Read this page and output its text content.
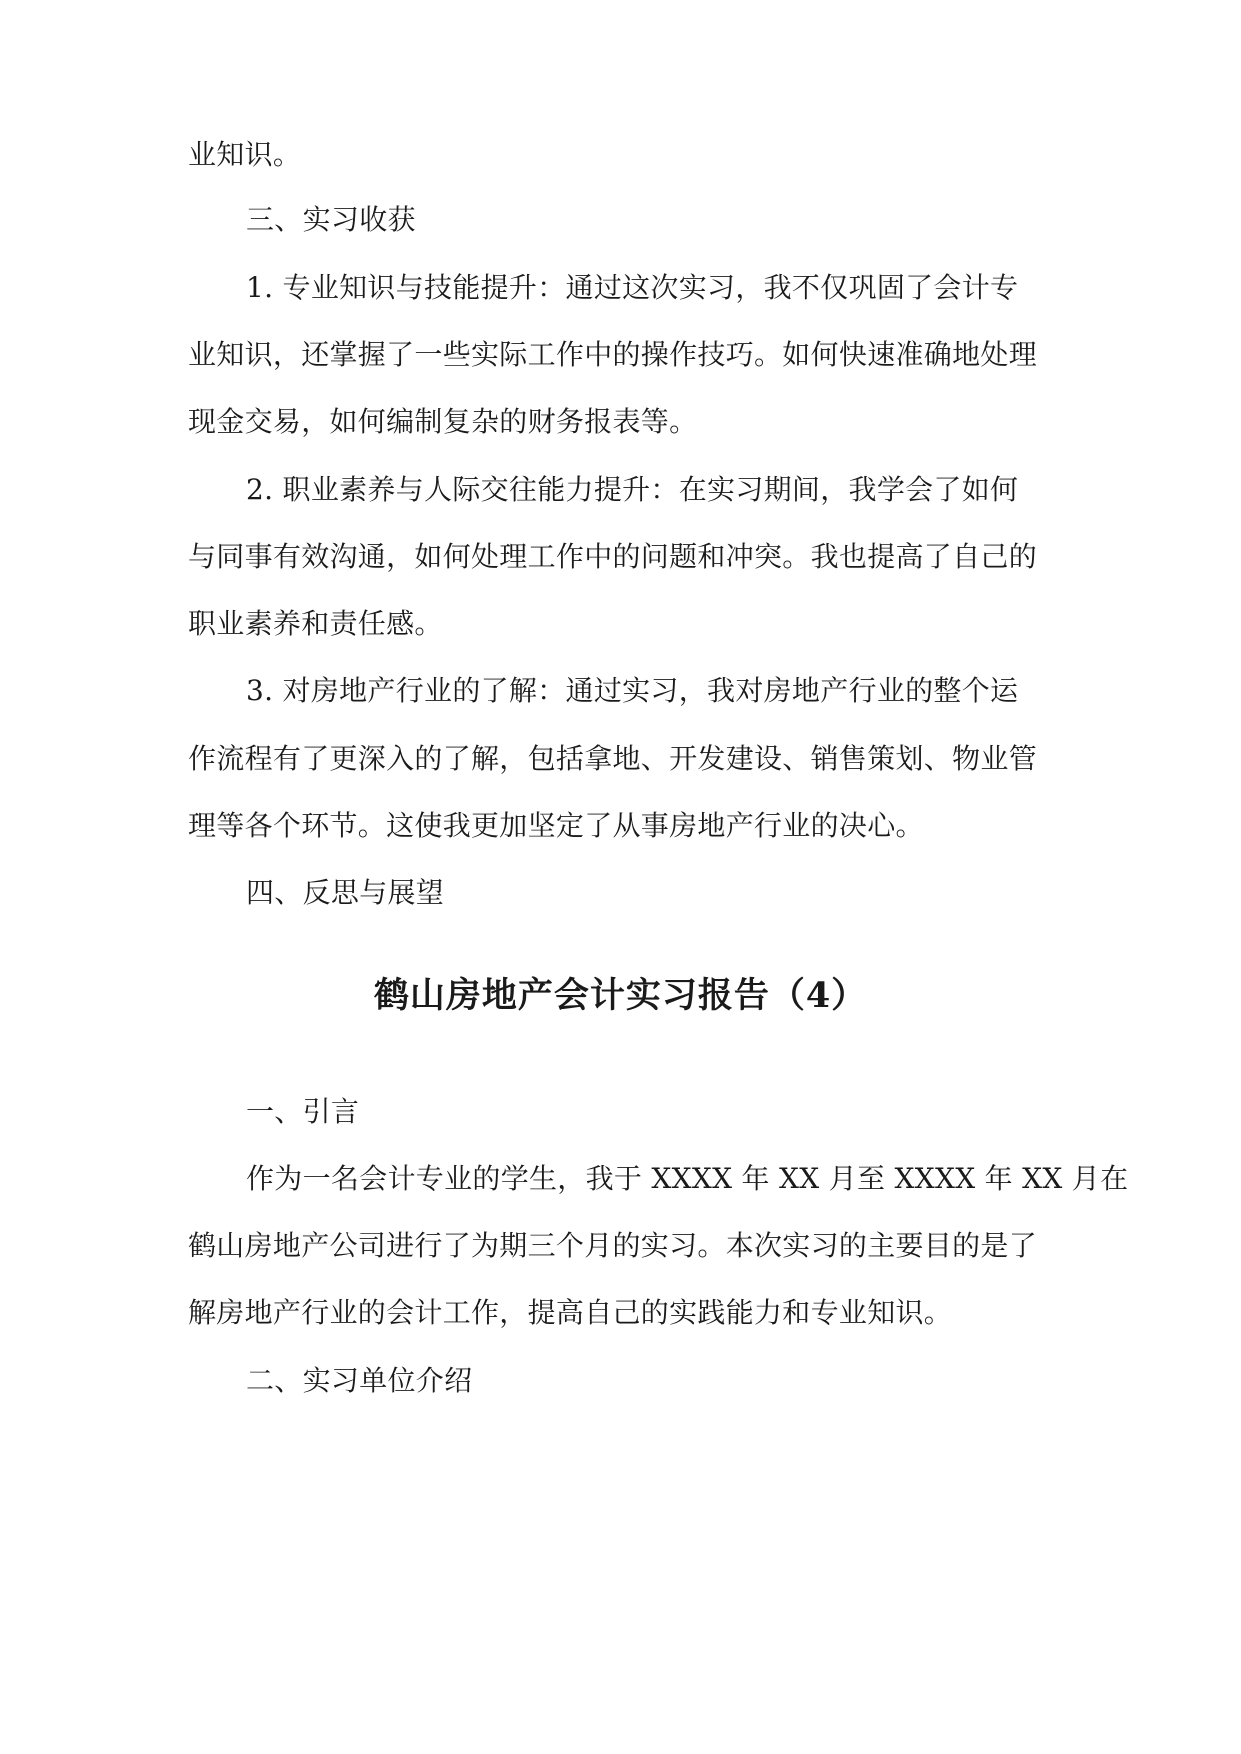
业知识。
三、实习收获
1. 专业知识与技能提升：通过这次实习，我不仅巩固了会计专
业知识，还掌握了一些实际工作中的操作技巧。如何快速准确地处理
现金交易，如何编制复杂的财务报表等。
2. 职业素养与人际交往能力提升：在实习期间，我学会了如何
与同事有效沟通，如何处理工作中的问题和冲突。我也提高了自己的
职业素养和责任感。
3. 对房地产行业的了解：通过实习，我对房地产行业的整个运
作流程有了更深入的了解，包括拿地、开发建设、销售策划、物业管
理等各个环节。这使我更加坚定了从事房地产行业的决心。
四、反思与展望
鹤山房地产会计实习报告（4）
一、引言
作为一名会计专业的学生，我于 XXXX 年 XX 月至 XXXX 年 XX 月在
鹤山房地产公司进行了为期三个月的实习。本次实习的主要目的是了
解房地产行业的会计工作，提高自己的实践能力和专业知识。
二、实习单位介绍
